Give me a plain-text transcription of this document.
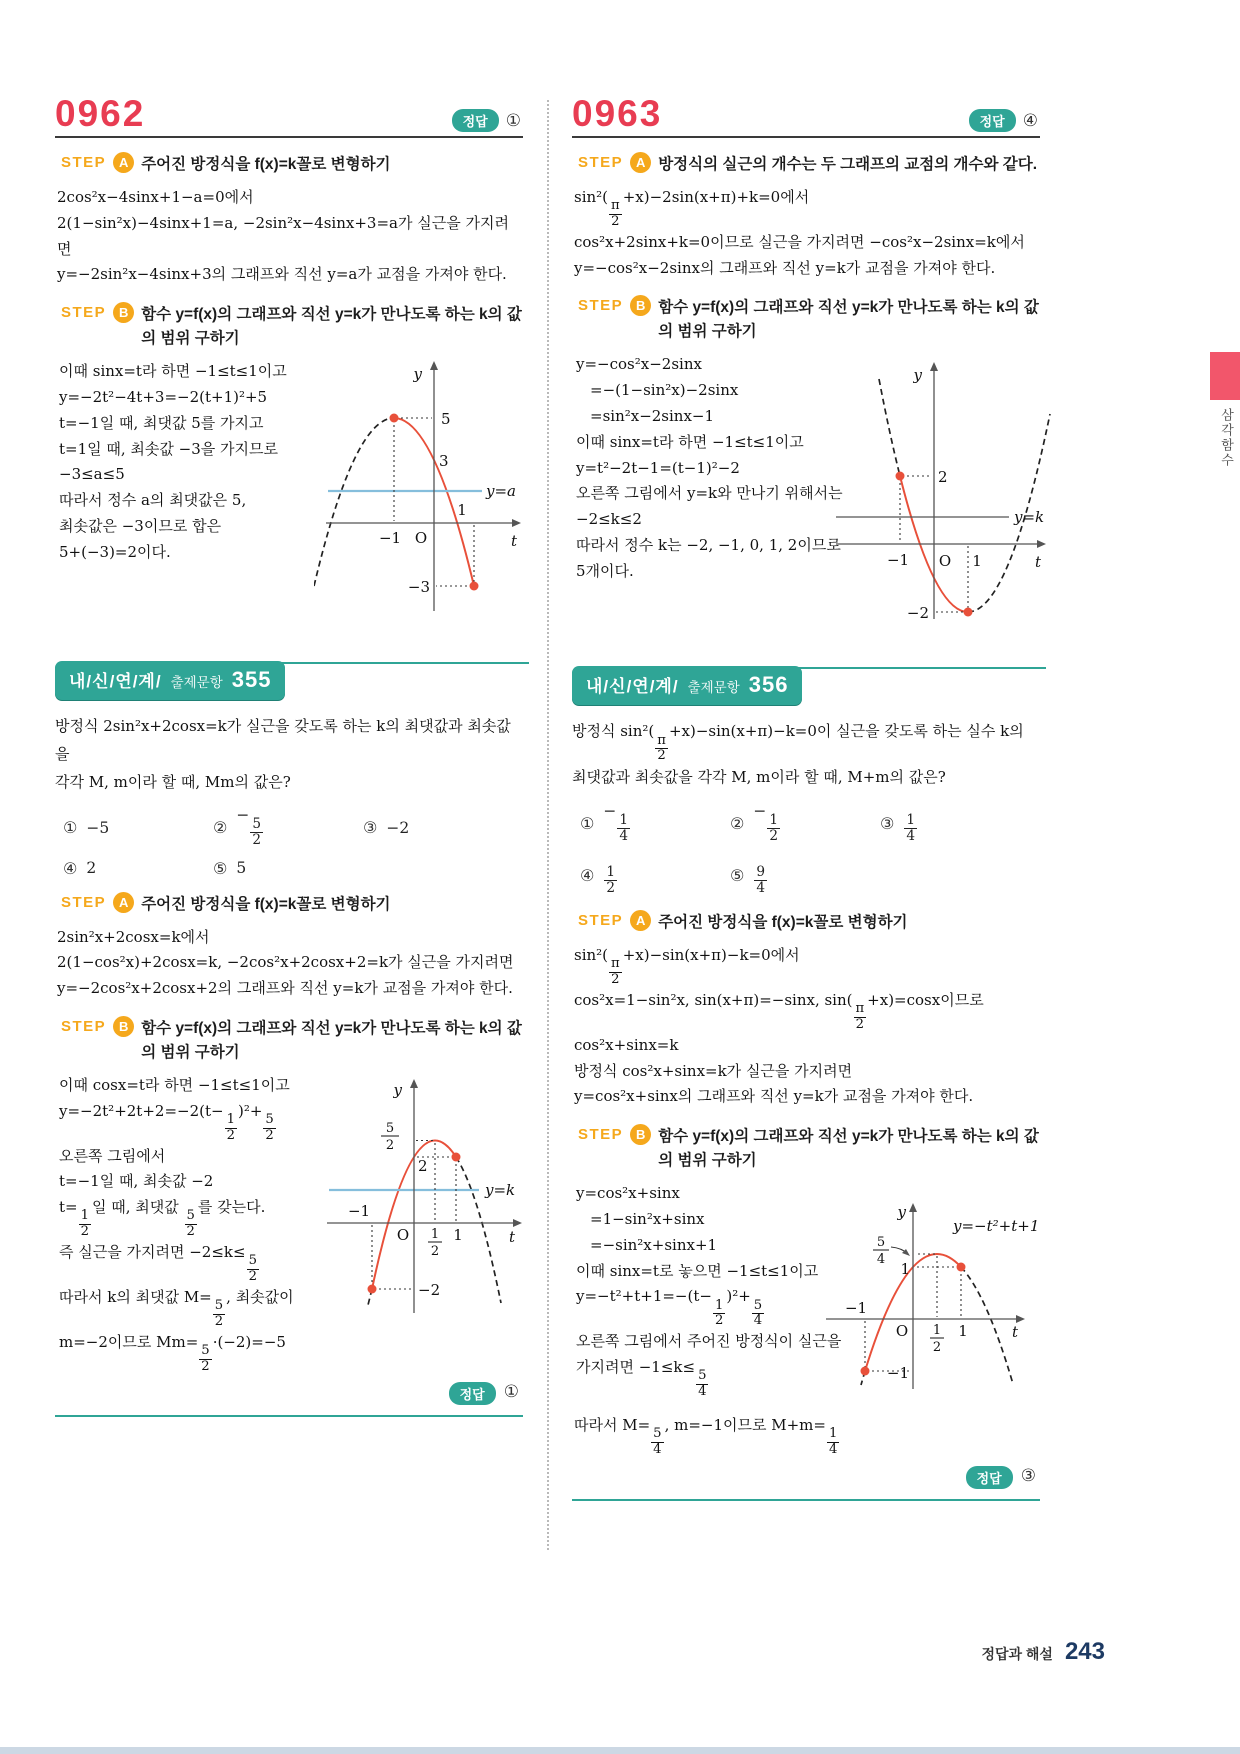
0962	정답	①
STEP A 주어진 방정식을 f(x)=k꼴로 변형하기
2cos²x−4sinx+1−a=0에서
2(1−sin²x)−4sinx+1=a, −2sin²x−4sinx+3=a가 실근을 가지려면
y=−2sin²x−4sinx+3의 그래프와 직선 y=a가 교점을 가져야 한다.
STEP B 함수 y=f(x)의 그래프와 직선 y=k가 만나도록 하는 k의 값의 범위 구하기
이때 sinx=t라 하면 −1≤t≤1이고
y=−2t²−4t+3=−2(t+1)²+5
t=−1일 때, 최댓값 5를 가지고
t=1일 때, 최솟값 −3을 가지므로
−3≤a≤5
따라서 정수 a의 최댓값은 5,
최솟값은 −3이므로 합은
5+(−3)=2이다.
y
5
3
y=a
1
−1 O	t
−3
내/신/연/계/ 출제문항 355
방정식 2sin²x+2cosx=k가 실근을 갖도록 하는 k의 최댓값과 최솟값을
각각 M, m이라 할 때, Mm의 값은?
① −5	②
−
$\frac{5}{2}$	③ −2
④ 2	⑤ 5
STEP A 주어진 방정식을 f(x)=k꼴로 변형하기
2sin²x+2cosx=k에서
2(1−cos²x)+2cosx=k, −2cos²x+2cosx+2=k가 실근을 가지려면
y=−2cos²x+2cosx+2의 그래프와 직선 y=k가 교점을 가져야 한다.
STEP B 함수 y=f(x)의 그래프와 직선 y=k가 만나도록 하는 k의 값의 범위 구하기
이때 cosx=t라 하면 −1≤t≤1이고
y=−2t²+2t+2=−2(t−
$\frac{1}{2}$
)²+
$\frac{5}{2}$
오른쪽 그림에서
t=−1일 때, 최솟값 −2
t=
$\frac{1}{2}$
일 때, 최댓값
$\frac{5}{2}$
를 갖는다.
즉 실근을 가지려면 −2≤k≤
$\frac{5}{2}$
따라서 k의 최댓값 M=
$\frac{5}{2}$
, 최솟값이
m=−2이므로 Mm=
$\frac{5}{2}$
·(−2)=−5
y
5
2
2
y=k
−1
O 1
2
1	t
−2
정답	①
0963	정답	④
STEP A 방정식의 실근의 개수는 두 그래프의 교점의 개수와 같다.
sin²(
$\frac{\pi}{2}$
+x)−2sin(x+π)+k=0에서
cos²x+2sinx+k=0이므로 실근을 가지려면 −cos²x−2sinx=k에서
y=−cos²x−2sinx의 그래프와 직선 y=k가 교점을 가져야 한다.
STEP B 함수 y=f(x)의 그래프와 직선 y=k가 만나도록 하는 k의 값의 범위 구하기
y=−cos²x−2sinx
=−(1−sin²x)−2sinx
=sin²x−2sinx−1
이때 sinx=t라 하면 −1≤t≤1이고
y=t²−2t−1=(t−1)²−2
오른쪽 그림에서 y=k와 만나기 위해서는
−2≤k≤2
따라서 정수 k는 −2, −1, 0, 1, 2이므로
5개이다.
y
2
y=k
−1 O 1	t
−2
내/신/연/계/ 출제문항 356
방정식 sin²(
$\frac{\pi}{2}$
+x)−sin(x+π)−k=0이 실근을 갖도록 하는 실수 k의
최댓값과 최솟값을 각각 M, m이라 할 때, M+m의 값은?
①
−
$\frac{1}{4}$	②
−
$\frac{1}{2}$	③ $\frac{1}{4}$
④ $\frac{1}{2}$	⑤ $\frac{9}{4}$
STEP A 주어진 방정식을 f(x)=k꼴로 변형하기
sin²(
$\frac{\pi}{2}$
+x)−sin(x+π)−k=0에서
cos²x=1−sin²x, sin(x+π)=−sinx, sin(
$\frac{\pi}{2}$
+x)=cosx이므로
cos²x+sinx=k
방정식 cos²x+sinx=k가 실근을 가지려면
y=cos²x+sinx의 그래프와 직선 y=k가 교점을 가져야 한다.
STEP B 함수 y=f(x)의 그래프와 직선 y=k가 만나도록 하는 k의 값의 범위 구하기
y=cos²x+sinx
=1−sin²x+sinx
=−sin²x+sinx+1
이때 sinx=t로 놓으면 −1≤t≤1이고
y=−t²+t+1=−(t−
$\frac{1}{2}$
)²+
$\frac{5}{4}$
오른쪽 그림에서 주어진 방정식이 실근을
가지려면 −1≤k≤
$\frac{5}{4}$
y
y=−t²+t+1
5
4
1
−1
O 1
2
1	t
−1
따라서 M=
$\frac{5}{4}$
, m=−1이므로 M+m=
$\frac{1}{4}$
정답	③
삼각함수
정답과 해설 243
